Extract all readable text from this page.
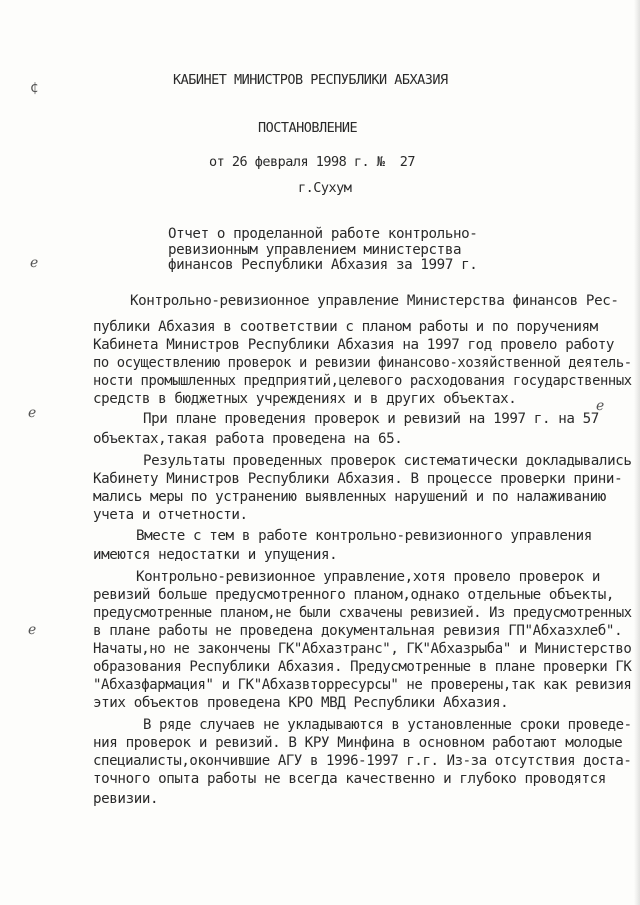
¢
ℯ
ℯ
ℯ
ℯ
КАБИНЕТ МИНИСТРОВ РЕСПУБЛИКИ АБХАЗИЯ
ПОСТАНОВЛЕНИЕ
от 26 февраля 1998 г. №  27
г.Сухум
Отчет о проделанной работе контрольно-
ревизионным управлением министерства
финансов Республики Абхазия за 1997 г.
Контрольно-ревизионное управление Министерства финансов Рес-
публики Абхазия в соответствии с планом работы и по поручениям
Кабинета Министров Республики Абхазия на 1997 год провело работу
по осуществлению проверок и ревизии финансово-хозяйственной деятель-
ности промышленных предприятий,целевого расходования государственных
средств в бюджетных учреждениях и в других объектах.
При плане проведения проверок и ревизий на 1997 г. на 57
объектах,такая работа проведена на 65.
Результаты проведенных проверок систематически докладывались
Кабинету Министров Республики Абхазия. В процессе проверки прини-
мались меры по устранению выявленных нарушений и по налаживанию
учета и отчетности.
Вместе с тем в работе контрольно-ревизионного управления
имеются недостатки и упущения.
Контрольно-ревизионное управление,хотя провело проверок и
ревизий больше предусмотренного планом,однако отдельные объекты,
предусмотренные планом,не были схвачены ревизией. Из предусмотренных
в плане работы не проведена документальная ревизия ГП"Абхазхлеб".
Начаты,но не закончены ГК"Абхазтранс", ГК"Абхазрыба" и Министерство
образования Республики Абхазия. Предусмотренные в плане проверки ГК
"Абхазфармация" и ГК"Абхазвторресурсы" не проверены,так как ревизия
этих объектов проведена КРО МВД Республики Абхазия.
В ряде случаев не укладываются в установленные сроки проведе-
ния проверок и ревизий. В КРУ Минфина в основном работают молодые
специалисты,окончившие АГУ в 1996-1997 г.г. Из-за отсутствия доста-
точного опыта работы не всегда качественно и глубоко проводятся
ревизии.
